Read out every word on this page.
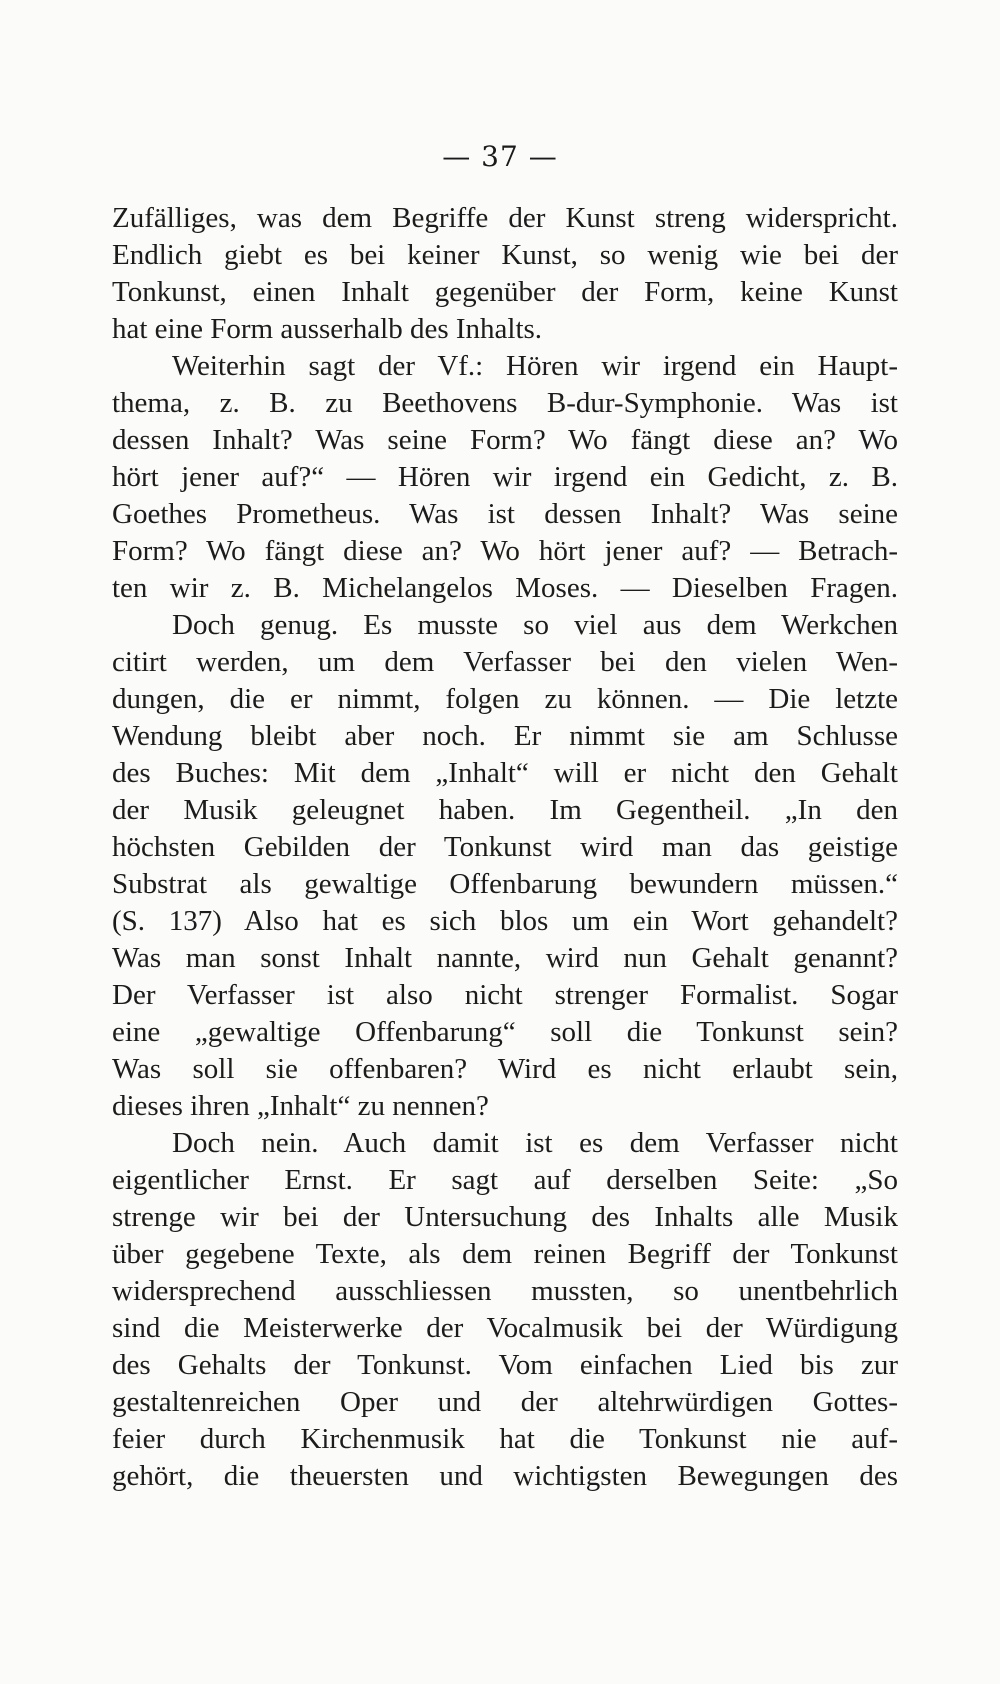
— 37 —
Zufälliges, was dem Begriffe der Kunst streng widerspricht.
Endlich giebt es bei keiner Kunst, so wenig wie bei der
Tonkunst, einen Inhalt gegenüber der Form, keine Kunst
hat eine Form ausserhalb des Inhalts.
Weiterhin sagt der Vf.: Hören wir irgend ein Haupt-
thema, z. B. zu Beethovens B-dur-Symphonie. Was ist
dessen Inhalt? Was seine Form? Wo fängt diese an? Wo
hört jener auf?“ — Hören wir irgend ein Gedicht, z. B.
Goethes Prometheus. Was ist dessen Inhalt? Was seine
Form? Wo fängt diese an? Wo hört jener auf? — Betrach-
ten wir z. B. Michelangelos Moses. — Dieselben Fragen.
Doch genug. Es musste so viel aus dem Werkchen
citirt werden, um dem Verfasser bei den vielen Wen-
dungen, die er nimmt, folgen zu können. — Die letzte
Wendung bleibt aber noch. Er nimmt sie am Schlusse
des Buches: Mit dem „Inhalt“ will er nicht den Gehalt
der Musik geleugnet haben. Im Gegentheil. „In den
höchsten Gebilden der Tonkunst wird man das geistige
Substrat als gewaltige Offenbarung bewundern müssen.“
(S. 137) Also hat es sich blos um ein Wort gehandelt?
Was man sonst Inhalt nannte, wird nun Gehalt genannt?
Der Verfasser ist also nicht strenger Formalist. Sogar
eine „gewaltige Offenbarung“ soll die Tonkunst sein?
Was soll sie offenbaren? Wird es nicht erlaubt sein,
dieses ihren „Inhalt“ zu nennen?
Doch nein. Auch damit ist es dem Verfasser nicht
eigentlicher Ernst. Er sagt auf derselben Seite: „So
strenge wir bei der Untersuchung des Inhalts alle Musik
über gegebene Texte, als dem reinen Begriff der Tonkunst
widersprechend ausschliessen mussten, so unentbehrlich
sind die Meisterwerke der Vocalmusik bei der Würdigung
des Gehalts der Tonkunst. Vom einfachen Lied bis zur
gestaltenreichen Oper und der altehrwürdigen Gottes-
feier durch Kirchenmusik hat die Tonkunst nie auf-
gehört, die theuersten und wichtigsten Bewegungen des
